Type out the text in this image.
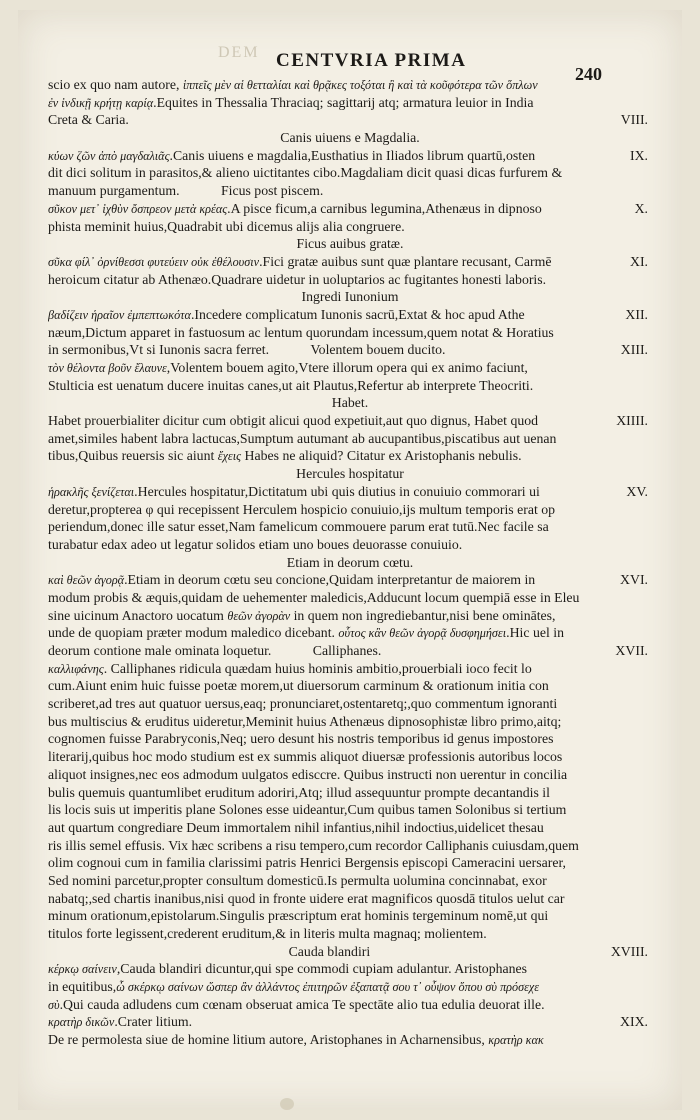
DEM CENTVRIA PRIMA
240
scio ex quo nam autore, ἱππεῖς μὲν αἱ θετταλίαι καὶ θρᾷκες τοξόται ἢ καὶ τὰ κοῦφότερα τῶν ὅπλων
ἐν ἰνδικῇ κρήτῃ καρίᾳ.Equites in Thessalia Thraciaq; sagittarij atq; armatura leuior in India
VIII.
Creta & Caria.
Canis uiuens e Magdalia.
IX.
κύων ζῶν ἀπὸ μαγδαλιᾶς.Canis uiuens e magdalia,Eusthatius in Iliados librum quartū,osten
dit dici solitum in parasitos,& alieno uictitantes cibo.Magdaliam dicit quasi dicas furfurem &
manuum purgamentum.   Ficus post piscem.
X.
σῦκον μετ᾿ ἰχθὺν ὄσπρεον μετὰ κρέας.A pisce ficum,a carnibus legumina,Athenæus in dipnoso
phista meminit huius,Quadrabit ubi dicemus alijs alia congruere.
Ficus auibus gratæ.
XI.
σῦκα φίλ᾿ ὀρνίθεσσι φυτεύειν οὐκ ἐθέλουσιν.Fici gratæ auibus sunt quæ plantare recusant, Carmē
heroicum citatur ab Athenæo.Quadrare uidetur in uoluptarios ac fugitantes honesti laboris.
Ingredi Iunonium
XII.
βαδίζειν ἡραῖον ἐμπεπτωκότα.Incedere complicatum Iunonis sacrū,Extat & hoc apud Athe
næum,Dictum apparet in fastuosum ac lentum quorundam incessum,quem notat & Horatius
XIII.
in sermonibus,Vt si Iunonis sacra ferret.   Volentem bouem ducito.
τὸν θέλοντα βοῦν ἔλαυνε,Volentem bouem agito,Vtere illorum opera qui ex animo faciunt,
Stulticia est uenatum ducere inuitas canes,ut ait Plautus,Refertur ab interprete Theocriti.
Habet.
XIIII.
Habet prouerbialiter dicitur cum obtigit alicui quod expetiuit,aut quo dignus, Habet quod
amet,similes habent labra lactucas,Sumptum autumant ab aucupantibus,piscatibus aut uenan
tibus,Quibus reuersis sic aiunt ἔχεις Habes ne aliquid? Citatur ex Aristophanis nebulis.
Hercules hospitatur
XV.
ἡρακλῆς ξενίζεται.Hercules hospitatur,Dictitatum ubi quis diutius in conuiuio commorari ui
deretur,propterea φ qui recepissent Herculem hospicio conuiuio,ijs multum temporis erat op
periendum,donec ille satur esset,Nam famelicum commouere parum erat tutū.Nec facile sa
turabatur edax adeo ut legatur solidos etiam uno boues deuorasse conuiuio.
Etiam in deorum cœtu.
XVI.
καὶ θεῶν ἀγορᾷ.Etiam in deorum cœtu seu concione,Quidam interpretantur de maiorem in
modum probis & æquis,quidam de uehementer maledicis,Adducunt locum quempiā esse in Eleu
sine uicinum Anactoro uocatum θεῶν ἀγορὰν in quem non ingrediebantur,nisi bene ominātes,
unde de quopiam præter modum maledico dicebant. οὗτος κἂν θεῶν ἀγορᾷ δυσφημήσει.Hic uel in
XVII.
deorum contione male ominata loquetur.   Calliphanes.
καλλιφάνης. Calliphanes ridicula quædam huius hominis ambitio,prouerbiali ioco fecit lo
cum.Aiunt enim huic fuisse poetæ morem,ut diuersorum carminum & orationum initia con
scriberet,ad tres aut quatuor uersus,eaq; pronunciaret,ostentaretq;,quo commentum ignoranti
bus multiscius & eruditus uideretur,Meminit huius Athenæus dipnosophistæ libro primo,aitq;
cognomen fuisse Parabryconis,Neq; uero desunt his nostris temporibus id genus impostores
literarij,quibus hoc modo studium est ex summis aliquot diuersæ professionis autoribus locos
aliquot insignes,nec eos admodum uulgatos edisccre. Quibus instructi non uerentur in concilia
bulis quemuis quantumlibet eruditum adoriri,Atq; illud assequuntur prompte decantandis il
lis locis suis ut imperitis plane Solones esse uideantur,Cum quibus tamen Solonibus si tertium
aut quartum congrediare Deum immortalem nihil infantius,nihil indoctius,uidelicet thesau
ris illis semel effusis. Vix hæc scribens a risu tempero,cum recordor Calliphanis cuiusdam,quem
olim cognoui cum in familia clarissimi patris Henrici Bergensis episcopi Cameracini uersarer,
Sed nomini parcetur,propter consultum domesticū.Is permulta uolumina concinnabat, exor
nabatq;,sed chartis inanibus,nisi quod in fronte uidere erat magnificos quosdā titulos uelut car
minum orationum,epistolarum.Singulis præscriptum erat hominis tergeminum nomē,ut qui
titulos forte legissent,crederent eruditum,& in literis multa magnaq; molientem.
XVIII.
Cauda blandiri
κέρκῳ σαίνειν,Cauda blandiri dicuntur,qui spe commodi cupiam adulantur. Aristophanes
in equitibus,ὦ σκέρκῳ σαίνων ὥσπερ ἂν ἀλλάντος ἐπιτηρῶν ἐξαπατᾷ σου τ᾿ οὖψον ὅπου σὺ πρόσεχε
σὺ.Qui cauda adludens cum cœnam obseruat amica Te spectāte alio tua edulia deuorat ille.
XIX.
κρατὴρ δικῶν.Crater litium.
De re permolesta siue de homine litium autore, Aristophanes in Acharnensibus, κρατὴρ κακ
